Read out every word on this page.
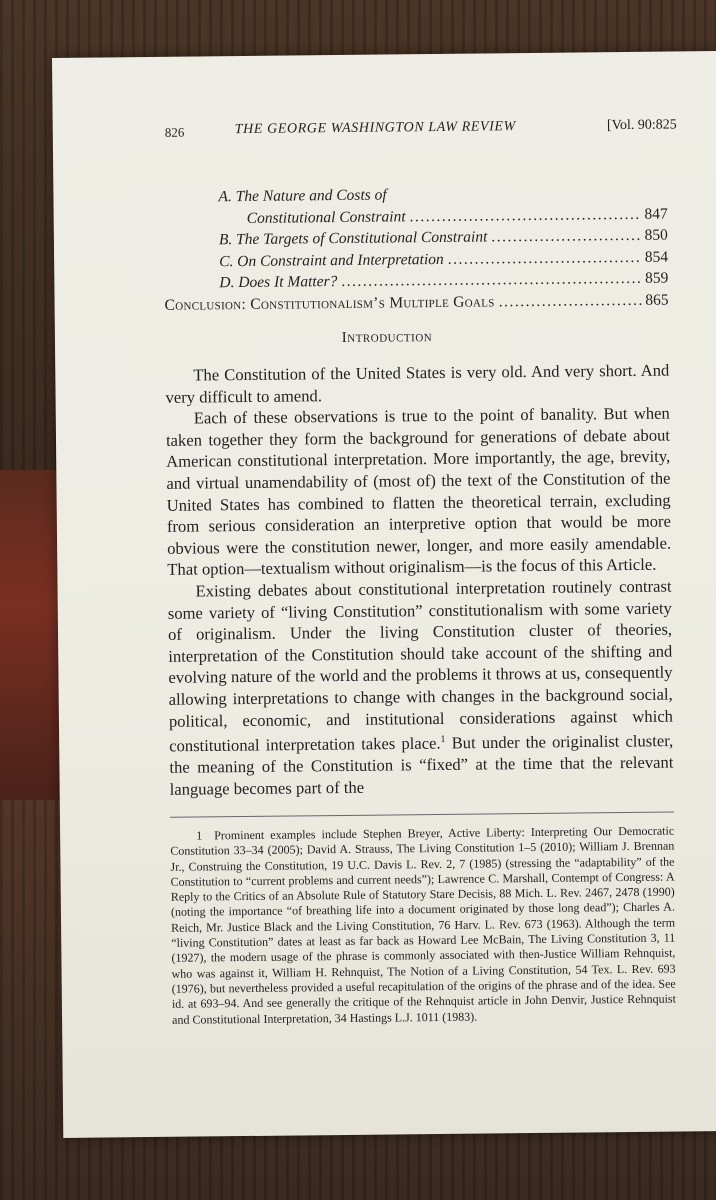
826	THE GEORGE WASHINGTON LAW REVIEW	[Vol. 90:825
A. The Nature and Costs of
Constitutional Constraint .....	847
B. The Targets of Constitutional Constraint .....	850
C. On Constraint and Interpretation .....	854
D. Does It Matter? .....	859
Conclusion: Constitutionalism’s Multiple Goals .....	865
Introduction

The Constitution of the United States is very old. And very short. And very difficult to amend.

Each of these observations is true to the point of banality. But when taken together they form the background for generations of debate about American constitutional interpretation. More importantly, the age, brevity, and virtual unamendability of (most of) the text of the Constitution of the United States has combined to flatten the theoretical terrain, excluding from serious consideration an interpretive option that would be more obvious were the constitution newer, longer, and more easily amendable. That option—textualism without originalism—is the focus of this Article.

Existing debates about constitutional interpretation routinely contrast some variety of “living Constitution” constitutionalism with some variety of originalism. Under the living Constitution cluster of theories, interpretation of the Constitution should take account of the shifting and evolving nature of the world and the problems it throws at us, consequently allowing interpretations to change with changes in the background social, political, economic, and institutional considerations against which constitutional interpretation takes place.$^1$ But under the originalist cluster, the meaning of the Constitution is “fixed” at the time that the relevant language becomes part of the

1 Prominent examples include Stephen Breyer, Active Liberty: Interpreting Our Democratic Constitution 33–34 (2005); David A. Strauss, The Living Constitution 1–5 (2010); William J. Brennan Jr., Construing the Constitution, 19 U.C. Davis L. Rev. 2, 7 (1985) (stressing the “adaptability” of the Constitution to “current problems and current needs”); Lawrence C. Marshall, Contempt of Congress: A Reply to the Critics of an Absolute Rule of Statutory Stare Decisis, 88 Mich. L. Rev. 2467, 2478 (1990) (noting the importance “of breathing life into a document originated by those long dead”); Charles A. Reich, Mr. Justice Black and the Living Constitution, 76 Harv. L. Rev. 673 (1963). Although the term “living Constitution” dates at least as far back as Howard Lee McBain, The Living Constitution 3, 11 (1927), the modern usage of the phrase is commonly associated with then-Justice William Rehnquist, who was against it, William H. Rehnquist, The Notion of a Living Constitution, 54 Tex. L. Rev. 693 (1976), but nevertheless provided a useful recapitulation of the origins of the phrase and of the idea. See id. at 693–94. And see generally the critique of the Rehnquist article in John Denvir, Justice Rehnquist and Constitutional Interpretation, 34 Hastings L.J. 1011 (1983).
